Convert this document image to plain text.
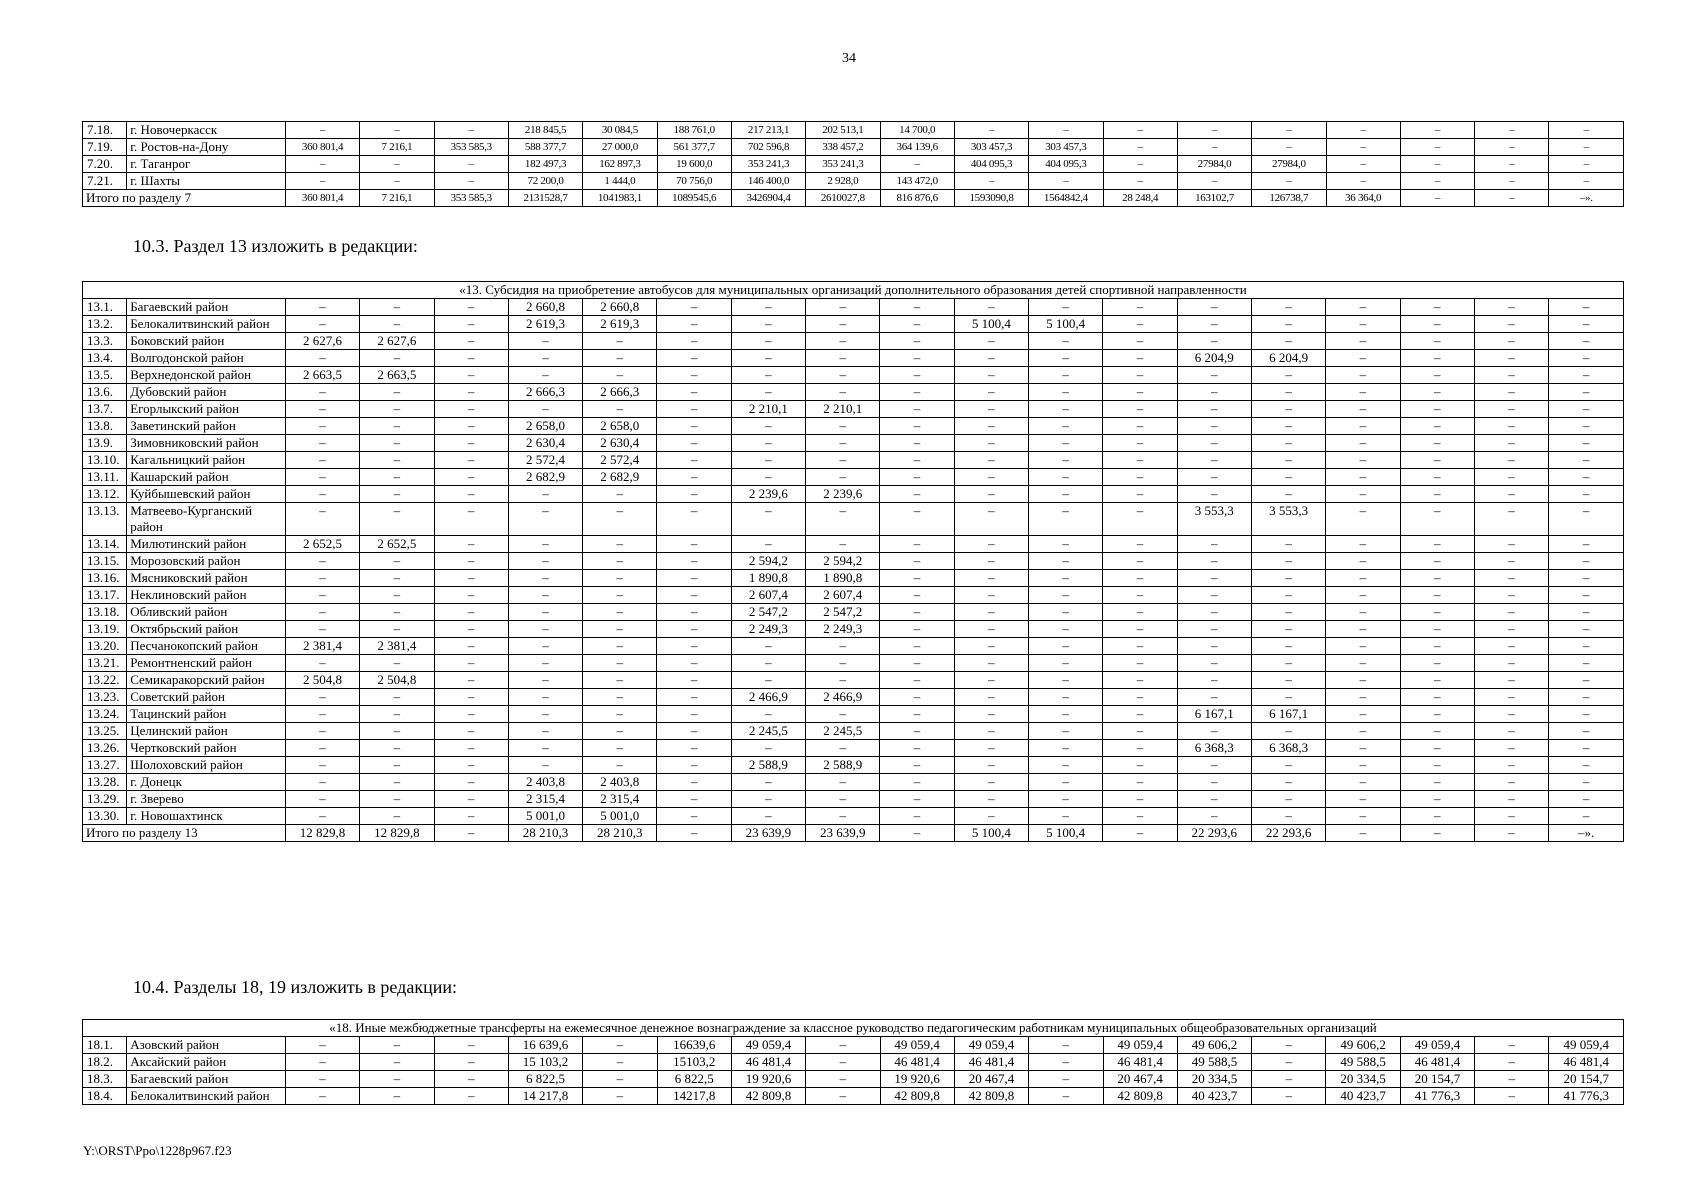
34
7.18.	г. Новочеркасск	–	–	–	218 845,5	30 084,5	188 761,0	217 213,1	202 513,1	14 700,0	–	–	–	–	–	–	–	–	–
7.19.	г. Ростов-на-Дону	360 801,4	7 216,1	353 585,3	588 377,7	27 000,0	561 377,7	702 596,8	338 457,2	364 139,6	303 457,3	303 457,3	–	–	–	–	–	–	–
7.20.	г. Таганрог	–	–	–	182 497,3	162 897,3	19 600,0	353 241,3	353 241,3	–	404 095,3	404 095,3	–	27984,0	27984,0	–	–	–	–
7.21.	г. Шахты	–	–	–	72 200,0	1 444,0	70 756,0	146 400,0	2 928,0	143 472,0	–	–	–	–	–	–	–	–	–
Итого по разделу 7		360 801,4	7 216,1	353 585,3	2131528,7	1041983,1	1089545,6	3426904,4	2610027,8	816 876,6	1593090,8	1564842,4	28 248,4	163102,7	126738,7	36 364,0	–	–	–».
10.3. Раздел 13 изложить в редакции:
«13. Субсидия на приобретение автобусов для муниципальных организаций дополнительного образования детей спортивной направленности																			
13.1.	Багаевский район	–	–	–	2 660,8	2 660,8	–	–	–	–	–	–	–	–	–	–	–	–	–
13.2.	Белокалитвинский район	–	–	–	2 619,3	2 619,3	–	–	–	–	5 100,4	5 100,4	–	–	–	–	–	–	–
13.3.	Боковский район	2 627,6	2 627,6	–	–	–	–	–	–	–	–	–	–	–	–	–	–	–	–
13.4.	Волгодонской район	–	–	–	–	–	–	–	–	–	–	–	–	6 204,9	6 204,9	–	–	–	–
13.5.	Верхнедонской район	2 663,5	2 663,5	–	–	–	–	–	–	–	–	–	–	–	–	–	–	–	–
13.6.	Дубовский район	–	–	–	2 666,3	2 666,3	–	–	–	–	–	–	–	–	–	–	–	–	–
13.7.	Егорлыкский район	–	–	–	–	–	–	2 210,1	2 210,1	–	–	–	–	–	–	–	–	–	–
13.8.	Заветинский район	–	–	–	2 658,0	2 658,0	–	–	–	–	–	–	–	–	–	–	–	–	–
13.9.	Зимовниковский район	–	–	–	2 630,4	2 630,4	–	–	–	–	–	–	–	–	–	–	–	–	–
13.10.	Кагальницкий район	–	–	–	2 572,4	2 572,4	–	–	–	–	–	–	–	–	–	–	–	–	–
13.11.	Кашарский район	–	–	–	2 682,9	2 682,9	–	–	–	–	–	–	–	–	–	–	–	–	–
13.12.	Куйбышевский район	–	–	–	–	–	–	2 239,6	2 239,6	–	–	–	–	–	–	–	–	–	–
13.13.	Матвеево-Курганский район	–	–	–	–	–	–	–	–	–	–	–	–	3 553,3	3 553,3	–	–	–	–
13.14.	Милютинский район	2 652,5	2 652,5	–	–	–	–	–	–	–	–	–	–	–	–	–	–	–	–
13.15.	Морозовский район	–	–	–	–	–	–	2 594,2	2 594,2	–	–	–	–	–	–	–	–	–	–
13.16.	Мясниковский район	–	–	–	–	–	–	1 890,8	1 890,8	–	–	–	–	–	–	–	–	–	–
13.17.	Неклиновский район	–	–	–	–	–	–	2 607,4	2 607,4	–	–	–	–	–	–	–	–	–	–
13.18.	Обливский район	–	–	–	–	–	–	2 547,2	2 547,2	–	–	–	–	–	–	–	–	–	–
13.19.	Октябрьский район	–	–	–	–	–	–	2 249,3	2 249,3	–	–	–	–	–	–	–	–	–	–
13.20.	Песчанокопский район	2 381,4	2 381,4	–	–	–	–	–	–	–	–	–	–	–	–	–	–	–	–
13.21.	Ремонтненский район	–	–	–	–	–	–	–	–	–	–	–	–	–	–	–	–	–	–
13.22.	Семикаракорский район	2 504,8	2 504,8	–	–	–	–	–	–	–	–	–	–	–	–	–	–	–	–
13.23.	Советский район	–	–	–	–	–	–	2 466,9	2 466,9	–	–	–	–	–	–	–	–	–	–
13.24.	Тацинский район	–	–	–	–	–	–	–	–	–	–	–	–	6 167,1	6 167,1	–	–	–	–
13.25.	Целинский район	–	–	–	–	–	–	2 245,5	2 245,5	–	–	–	–	–	–	–	–	–	–
13.26.	Чертковский район	–	–	–	–	–	–	–	–	–	–	–	–	6 368,3	6 368,3	–	–	–	–
13.27.	Шолоховский район	–	–	–	–	–	–	2 588,9	2 588,9	–	–	–	–	–	–	–	–	–	–
13.28.	г. Донецк	–	–	–	2 403,8	2 403,8	–	–	–	–	–	–	–	–	–	–	–	–	–
13.29.	г. Зверево	–	–	–	2 315,4	2 315,4	–	–	–	–	–	–	–	–	–	–	–	–	–
13.30.	г. Новошахтинск	–	–	–	5 001,0	5 001,0	–	–	–	–	–	–	–	–	–	–	–	–	–
Итого по разделу 13		12 829,8	12 829,8	–	28 210,3	28 210,3	–	23 639,9	23 639,9	–	5 100,4	5 100,4	–	22 293,6	22 293,6	–	–	–	–».
10.4. Разделы 18, 19 изложить в редакции:
«18. Иные межбюджетные трансферты на ежемесячное денежное вознаграждение за классное руководство педагогическим работникам муниципальных общеобразовательных организаций																			
18.1.	Азовский район	–	–	–	16 639,6	–	16639,6	49 059,4	–	49 059,4	49 059,4	–	49 059,4	49 606,2	–	49 606,2	49 059,4	–	49 059,4
18.2.	Аксайский район	–	–	–	15 103,2	–	15103,2	46 481,4	–	46 481,4	46 481,4	–	46 481,4	49 588,5	–	49 588,5	46 481,4	–	46 481,4
18.3.	Багаевский район	–	–	–	6 822,5	–	6 822,5	19 920,6	–	19 920,6	20 467,4	–	20 467,4	20 334,5	–	20 334,5	20 154,7	–	20 154,7
18.4.	Белокалитвинский район	–	–	–	14 217,8	–	14217,8	42 809,8	–	42 809,8	42 809,8	–	42 809,8	40 423,7	–	40 423,7	41 776,3	–	41 776,3
Y:\ORST\Ppo\1228p967.f23
